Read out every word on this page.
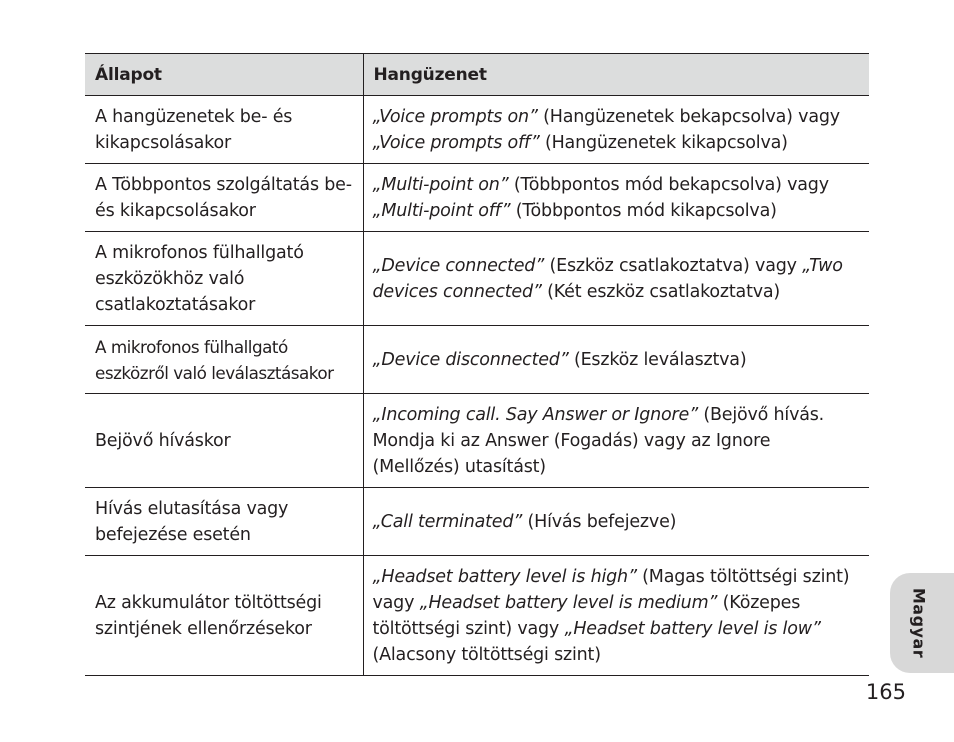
Állapot	Hangüzenet
A hangüzenetek be- és kikapcsolásakor	„Voice prompts on” (Hangüzenetek bekapcsolva) vagy „Voice prompts off” (Hangüzenetek kikapcsolva)
A Többpontos szolgáltatás be- és kikapcsolásakor	„Multi-point on” (Többpontos mód bekapcsolva) vagy „Multi-point off” (Többpontos mód kikapcsolva)
A mikrofonos fülhallgató eszközökhöz való csatlakoztatásakor	„Device connected” (Eszköz csatlakoztatva) vagy „Two devices connected” (Két eszköz csatlakoztatva)
A mikrofonos fülhallgató eszközről való leválasztásakor	„Device disconnected” (Eszköz leválasztva)
Bejövő híváskor	„Incoming call. Say Answer or Ignore” (Bejövő hívás. Mondja ki az Answer (Fogadás) vagy az Ignore (Mellőzés) utasítást)
Hívás elutasítása vagy befejezése esetén	„Call terminated” (Hívás befejezve)
Az akkumulátor töltöttségi szintjének ellenőrzésekor	„Headset battery level is high” (Magas töltöttségi szint) vagy „Headset battery level is medium” (Közepes töltöttségi szint) vagy „Headset battery level is low” (Alacsony töltöttségi szint)	Magyar
165
